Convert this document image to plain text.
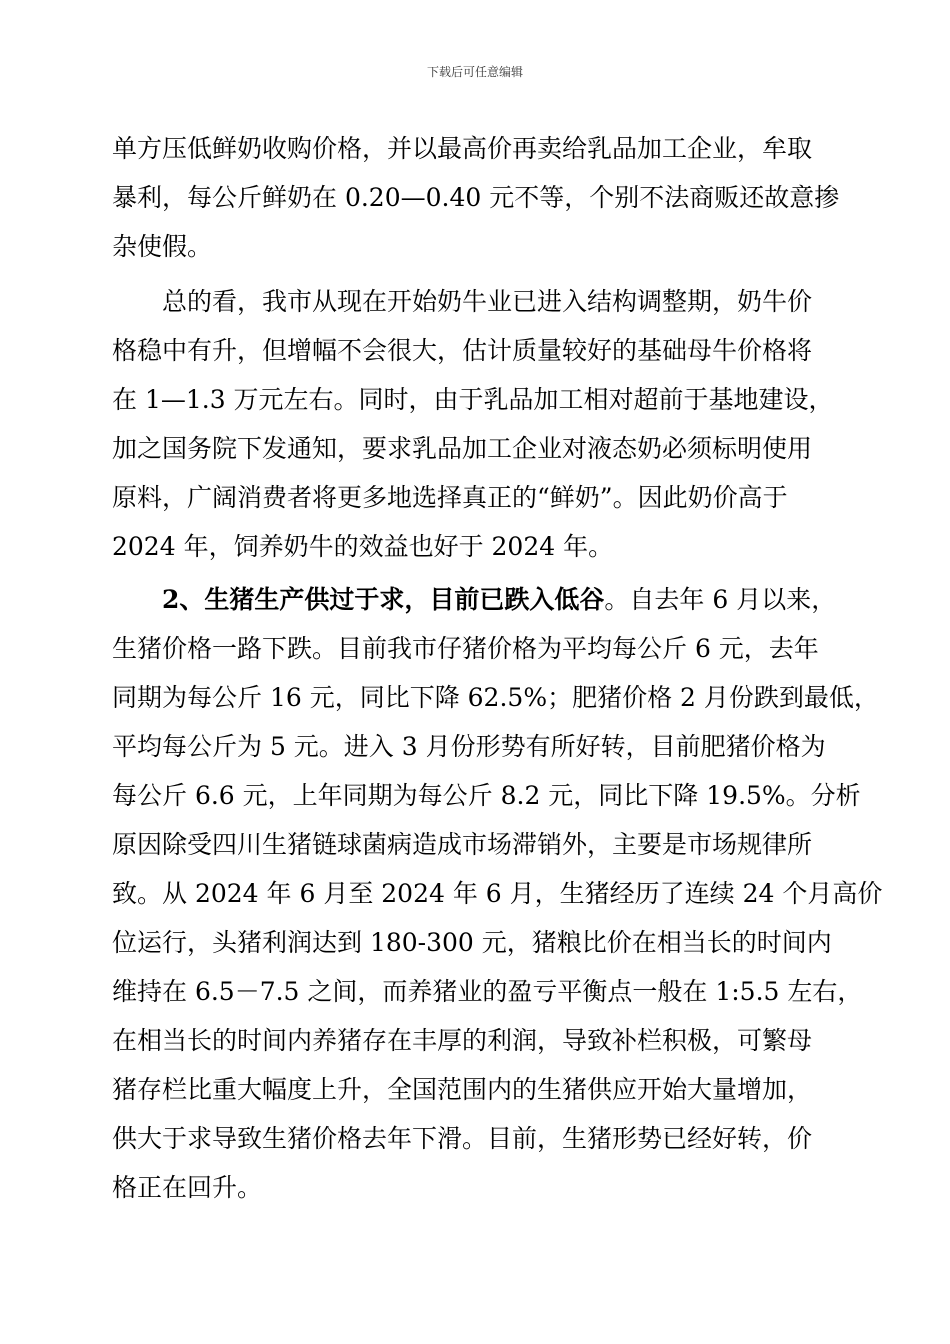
下载后可任意编辑
单方压低鲜奶收购价格，并以最高价再卖给乳品加工企业，牟取
暴利，每公斤鲜奶在 0.20—0.40 元不等，个别不法商贩还故意掺
杂使假。
总的看，我市从现在开始奶牛业已进入结构调整期，奶牛价
格稳中有升，但增幅不会很大，估计质量较好的基础母牛价格将
在 1—1.3 万元左右。同时，由于乳品加工相对超前于基地建设，
加之国务院下发通知，要求乳品加工企业对液态奶必须标明使用
原料，广阔消费者将更多地选择真正的“鲜奶”。因此奶价高于
2024 年，饲养奶牛的效益也好于 2024 年。
2、生猪生产供过于求，目前已跌入低谷。自去年 6 月以来，
生猪价格一路下跌。目前我市仔猪价格为平均每公斤 6 元，去年
同期为每公斤 16 元，同比下降 62.5%；肥猪价格 2 月份跌到最低，
平均每公斤为 5 元。进入 3 月份形势有所好转，目前肥猪价格为
每公斤 6.6 元，上年同期为每公斤 8.2 元，同比下降 19.5%。分析
原因除受四川生猪链球菌病造成市场滞销外，主要是市场规律所
致。从 2024 年 6 月至 2024 年 6 月，生猪经历了连续 24 个月高价
位运行，头猪利润达到 180-300 元，猪粮比价在相当长的时间内
维持在 6.5－7.5 之间，而养猪业的盈亏平衡点一般在 1:5.5 左右，
在相当长的时间内养猪存在丰厚的利润，导致补栏积极，可繁母
猪存栏比重大幅度上升，全国范围内的生猪供应开始大量增加，
供大于求导致生猪价格去年下滑。目前，生猪形势已经好转，价
格正在回升。
